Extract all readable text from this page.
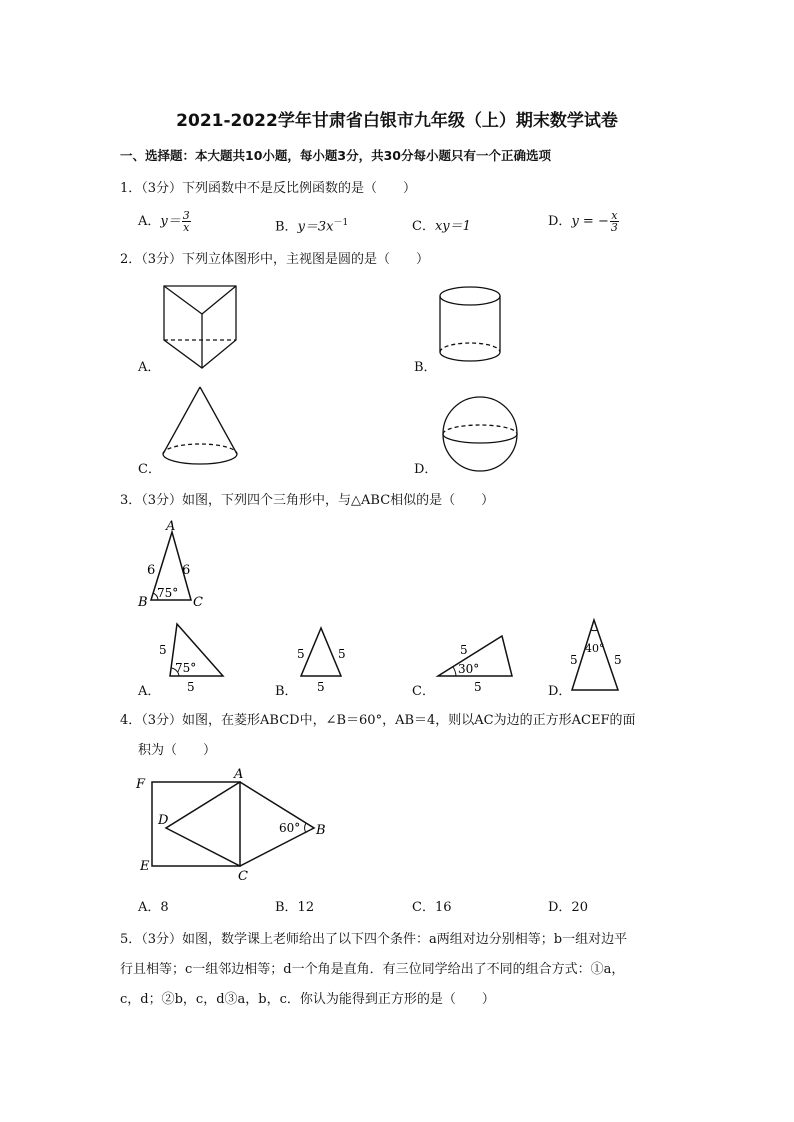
2021-2022学年甘肃省白银市九年级（上）期末数学试卷
一、选择题：本大题共10小题，每小题3分，共30分每小题只有一个正确选项
1．（3分）下列函数中不是反比例函数的是（　　）
A．$y= \frac{3}{x}$	B．$y=3x^{-1}$	C．xy＝1	D．y = − $\frac{x}{3}$
2．（3分）下列立体图形中，主视图是圆的是（　　）
A．	B．
C．	D．
3．（3分）如图，下列四个三角形中，与△ABC相似的是（　　）
A
B	C
6 6
75°
5
75°
5
A．
5	5
5
B．
5
30°
5
C．
40°
5	5
D．
4．（3分）如图，在菱形ABCD中，∠B＝60°，AB＝4，则以AC为边的正方形ACEF的面
积为（　　）
F
A
D
B
E
C
60°
A．8	B．12	C．16	D．20
5．（3分）如图，数学课上老师给出了以下四个条件：a两组对边分别相等；b一组对边平
行且相等；c一组邻边相等；d一个角是直角．有三位同学给出了不同的组合方式：①a，
c，d；②b，c，d③a，b，c．你认为能得到正方形的是（　　）
